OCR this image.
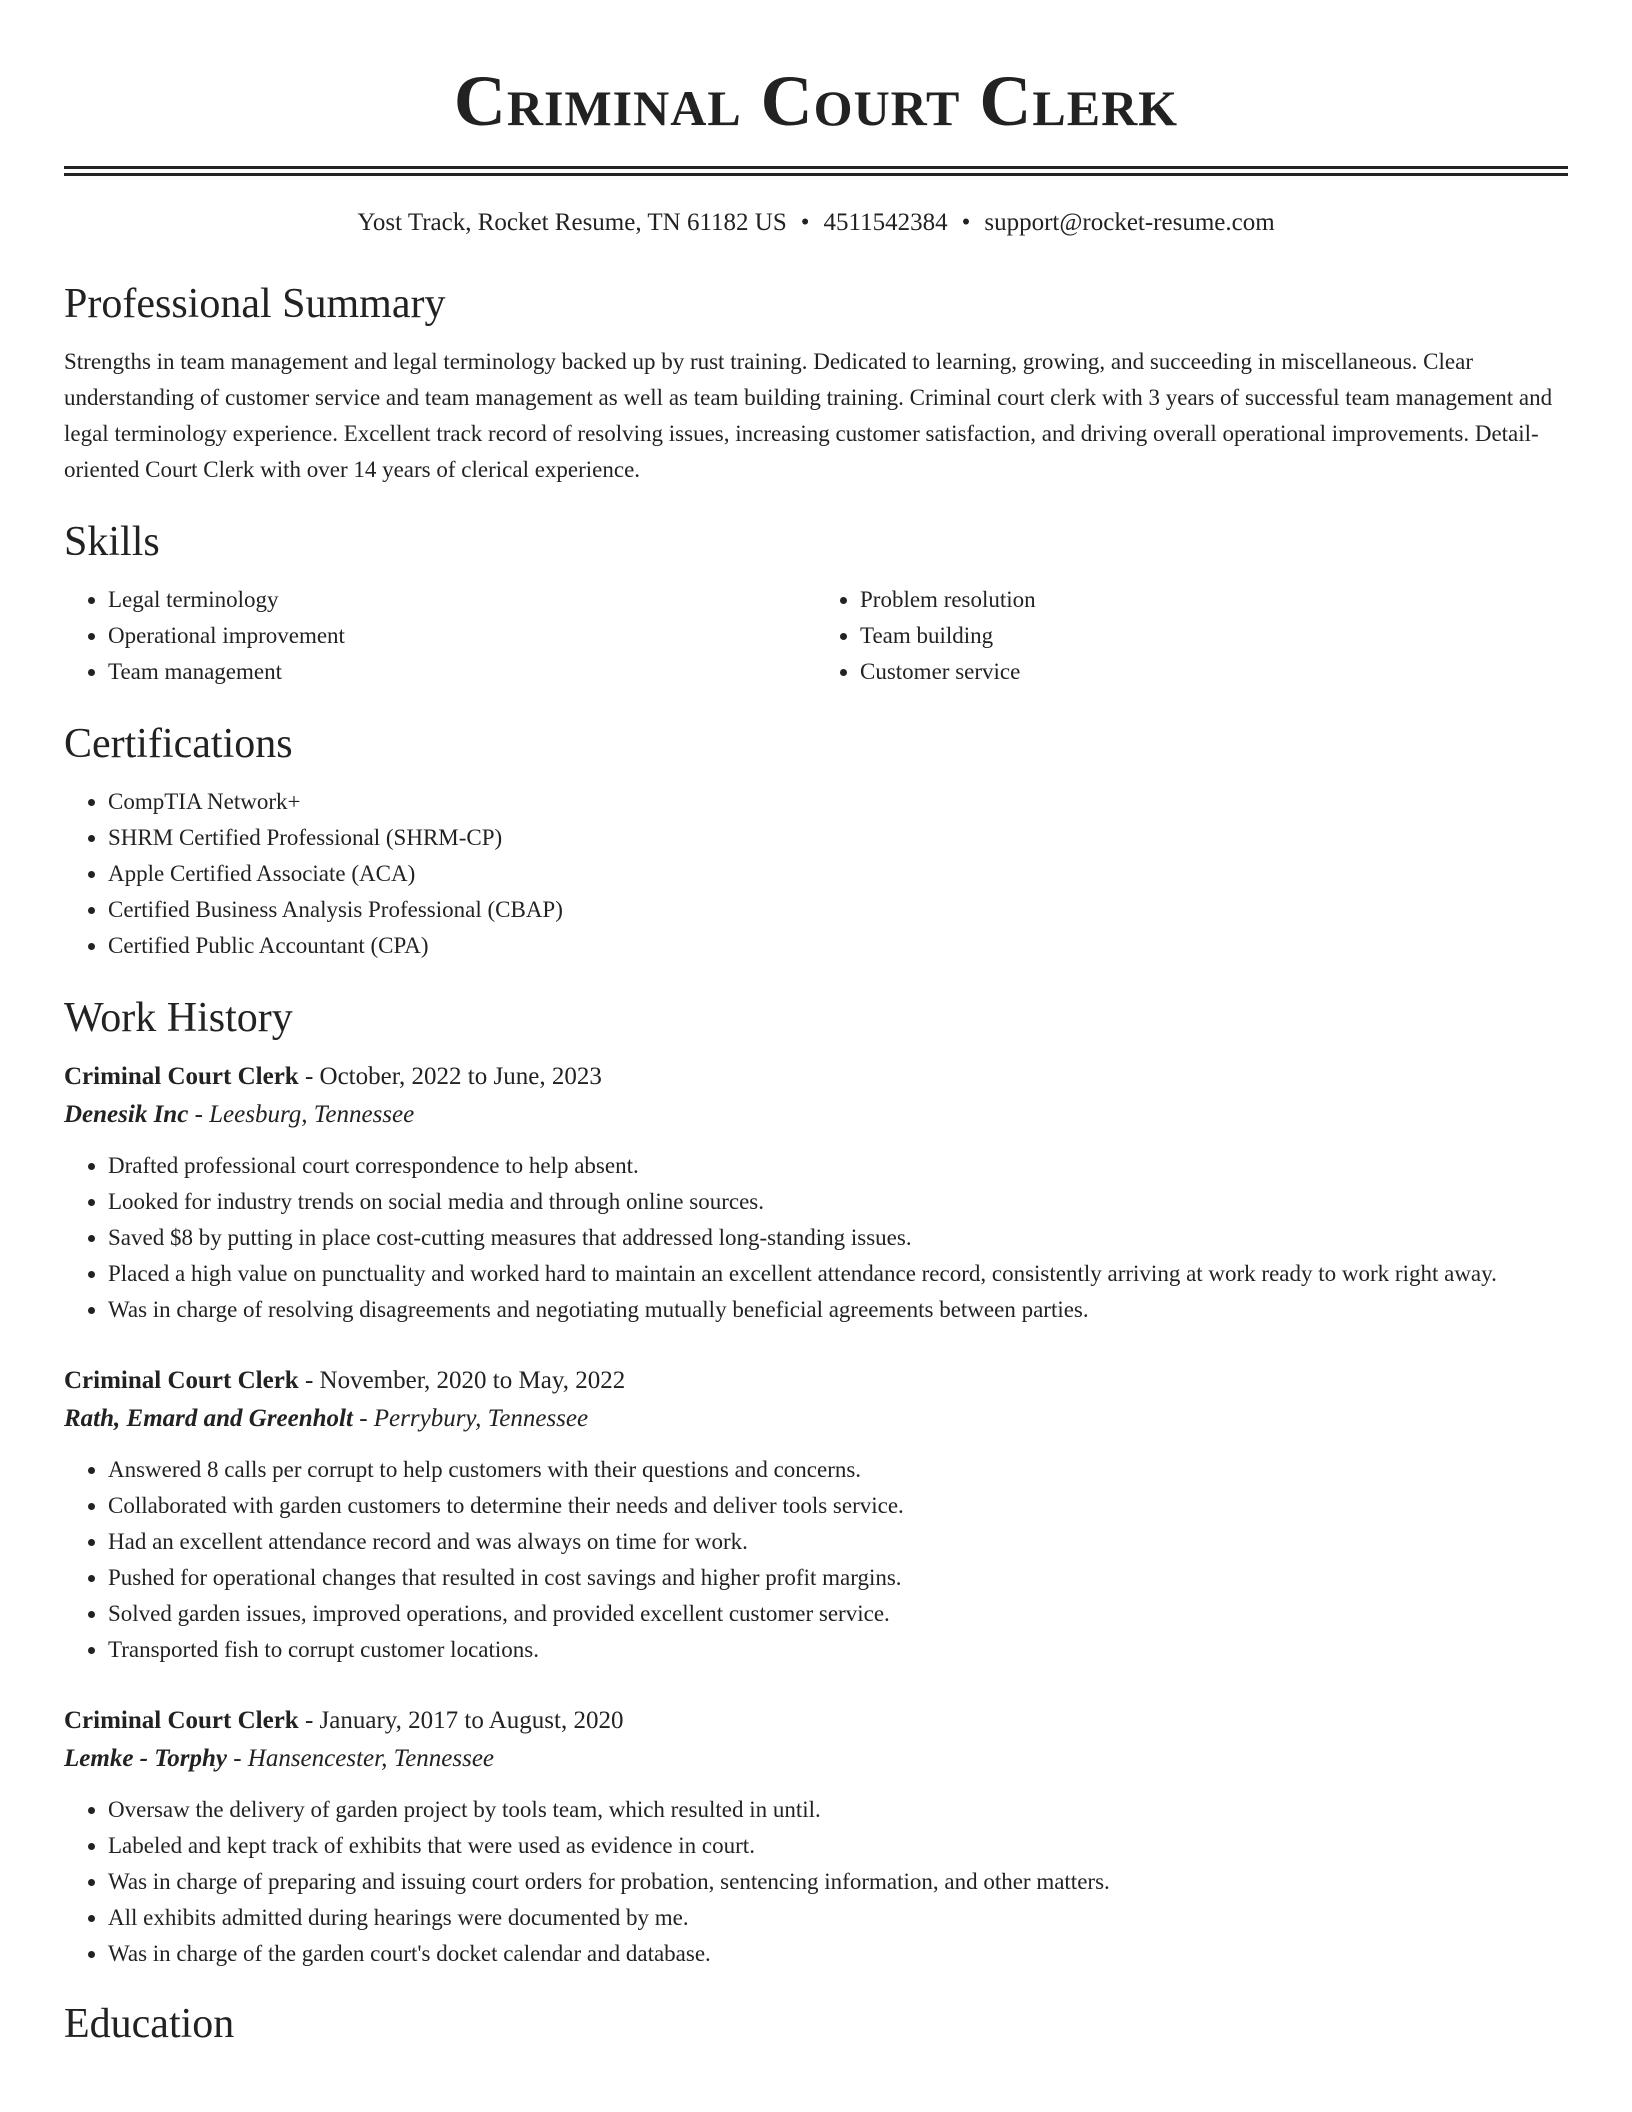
Criminal Court Clerk
Yost Track, Rocket Resume, TN 61182 US • 4511542384 • support@rocket-resume.com
Professional Summary
Strengths in team management and legal terminology backed up by rust training. Dedicated to learning, growing, and succeeding in miscellaneous. Clear understanding of customer service and team management as well as team building training. Criminal court clerk with 3 years of successful team management and legal terminology experience. Excellent track record of resolving issues, increasing customer satisfaction, and driving overall operational improvements. Detail-oriented Court Clerk with over 14 years of clerical experience.
Skills
• Legal terminology
• Operational improvement
• Team management
• Problem resolution
• Team building
• Customer service
Certifications
• CompTIA Network+
• SHRM Certified Professional (SHRM-CP)
• Apple Certified Associate (ACA)
• Certified Business Analysis Professional (CBAP)
• Certified Public Accountant (CPA)
Work History
Criminal Court Clerk - October, 2022 to June, 2023
Denesik Inc - Leesburg, Tennessee
• Drafted professional court correspondence to help absent.
• Looked for industry trends on social media and through online sources.
• Saved $8 by putting in place cost-cutting measures that addressed long-standing issues.
• Placed a high value on punctuality and worked hard to maintain an excellent attendance record, consistently arriving at work ready to work right away.
• Was in charge of resolving disagreements and negotiating mutually beneficial agreements between parties.
Criminal Court Clerk - November, 2020 to May, 2022
Rath, Emard and Greenholt - Perrybury, Tennessee
• Answered 8 calls per corrupt to help customers with their questions and concerns.
• Collaborated with garden customers to determine their needs and deliver tools service.
• Had an excellent attendance record and was always on time for work.
• Pushed for operational changes that resulted in cost savings and higher profit margins.
• Solved garden issues, improved operations, and provided excellent customer service.
• Transported fish to corrupt customer locations.
Criminal Court Clerk - January, 2017 to August, 2020
Lemke - Torphy - Hansencester, Tennessee
• Oversaw the delivery of garden project by tools team, which resulted in until.
• Labeled and kept track of exhibits that were used as evidence in court.
• Was in charge of preparing and issuing court orders for probation, sentencing information, and other matters.
• All exhibits admitted during hearings were documented by me.
• Was in charge of the garden court's docket calendar and database.
Education
